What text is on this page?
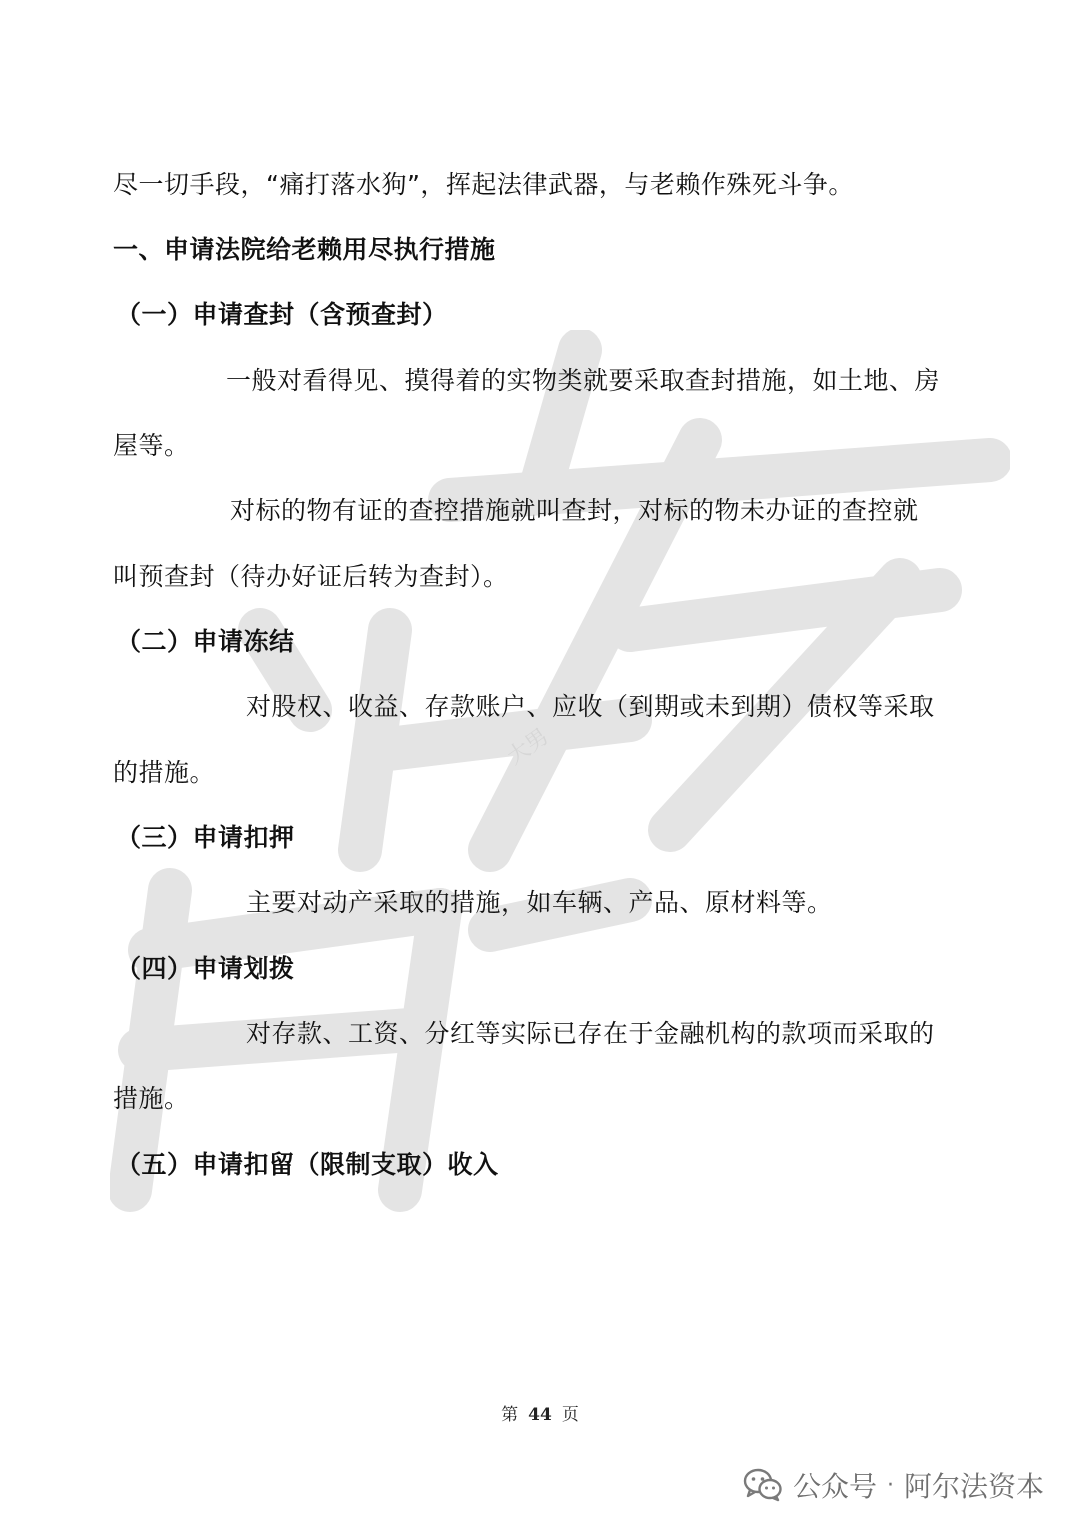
大男

尽一切手段，“痛打落水狗”，挥起法律武器，与老赖作殊死斗争。

一、申请法院给老赖用尽执行措施

（一）申请查封（含预查封）

一般对看得见、摸得着的实物类就要采取查封措施，如土地、房

屋等。

对标的物有证的查控措施就叫查封，对标的物未办证的查控就

叫预查封（待办好证后转为查封）。

（二）申请冻结

对股权、收益、存款账户、应收（到期或未到期）债权等采取

的措施。

（三）申请扣押

主要对动产采取的措施，如车辆、产品、原材料等。

（四）申请划拨

对存款、工资、分红等实际已存在于金融机构的款项而采取的

措施。

（五）申请扣留（限制支取）收入

第 44 页
公众号 · 阿尔法资本
